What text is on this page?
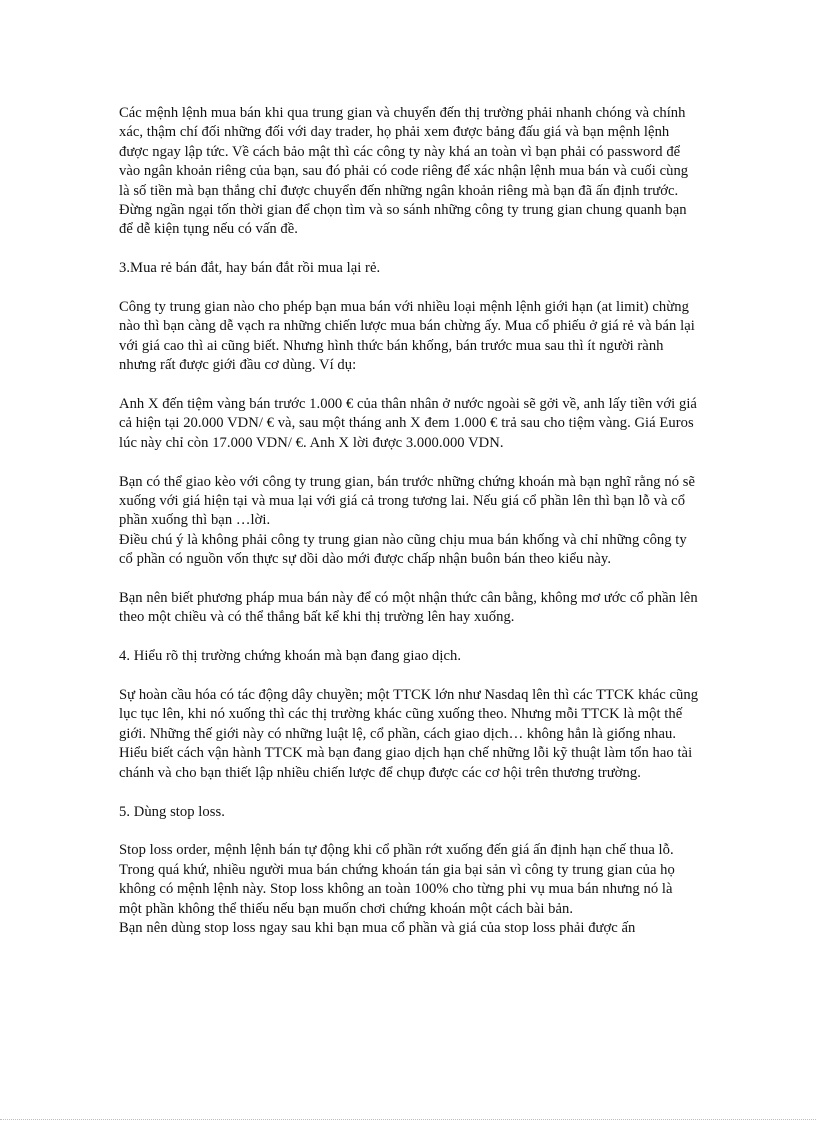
Các mệnh lệnh mua bán khi qua trung gian và chuyển đến thị trường phải nhanh chóng và chính xác, thậm chí đối những đối với day trader, họ phải xem được bảng đấu giá và bạn mệnh lệnh được ngay lập tức. Về cách bảo mật thì các công ty này khá an toàn vì bạn phải có password để vào ngân khoản riêng của bạn, sau đó phải có code riêng để xác nhận lệnh mua bán và cuối cùng là số tiền mà bạn thắng chỉ được chuyển đến những ngân khoản riêng mà bạn đã ấn định trước. Đừng ngần ngại tốn thời gian để chọn tìm và so sánh những công ty trung gian chung quanh bạn để dễ kiện tụng nếu có vấn đề.

3.Mua rẻ bán đắt, hay bán đắt rồi mua lại rẻ.

Công ty trung gian nào cho phép bạn mua bán với nhiều loại mệnh lệnh giới hạn (at limit) chừng nào thì bạn càng dễ vạch ra những chiến lược mua bán chừng ấy. Mua cổ phiếu ở giá rẻ và bán lại với giá cao thì ai cũng biết. Nhưng hình thức bán khống, bán trước mua sau thì ít người rành nhưng rất được giới đầu cơ dùng. Ví dụ:

Anh X đến tiệm vàng bán trước 1.000 € của thân nhân ở nước ngoài sẽ gởi về, anh lấy tiền với giá cả hiện tại 20.000 VDN/ € và, sau một tháng anh X đem 1.000 € trả sau cho tiệm vàng. Giá Euros lúc này chỉ còn 17.000 VDN/ €. Anh X lời được 3.000.000 VDN.

Bạn có thể giao kèo với công ty trung gian, bán trước những chứng khoán mà bạn nghĩ rằng nó sẽ xuống với giá hiện tại và mua lại với giá cả trong tương lai. Nếu giá cổ phần lên thì bạn lỗ và cổ phần xuống thì bạn …lời.

Điều chú ý là không phải công ty trung gian nào cũng chịu mua bán khống và chỉ những công ty cổ phần có nguồn vốn thực sự dồi dào mới được chấp nhận buôn bán theo kiểu này.

Bạn nên biết phương pháp mua bán này để có một nhận thức cân bằng, không mơ ước cổ phần lên theo một chiều và có thể thắng bất kể khi thị trường lên hay xuống.

4. Hiểu rõ thị trường chứng khoán mà bạn đang giao dịch.

Sự hoàn cầu hóa có tác động dây chuyền; một TTCK lớn như Nasdaq lên thì các TTCK khác cũng lục tục lên, khi nó xuống thì các thị trường khác cũng xuống theo. Nhưng mỗi TTCK là một thế giới. Những thế giới này có những luật lệ, cổ phần, cách giao dịch… không hẳn là giống nhau. Hiểu biết cách vận hành TTCK mà bạn đang giao dịch hạn chế những lỗi kỹ thuật làm tổn hao tài chánh và cho bạn thiết lập nhiều chiến lược để chụp được các cơ hội trên thương trường.

5. Dùng stop loss.

Stop loss order, mệnh lệnh bán tự động khi cổ phần rớt xuống đến giá ấn định hạn chế thua lỗ. Trong quá khứ, nhiều người mua bán chứng khoán tán gia bại sản vì công ty trung gian của họ không có mệnh lệnh này. Stop loss không an toàn 100% cho từng phi vụ mua bán nhưng nó là một phần không thể thiếu nếu bạn muốn chơi chứng khoán một cách bài bản.

Bạn nên dùng stop loss ngay sau khi bạn mua cổ phần và giá của stop loss phải được ấn
